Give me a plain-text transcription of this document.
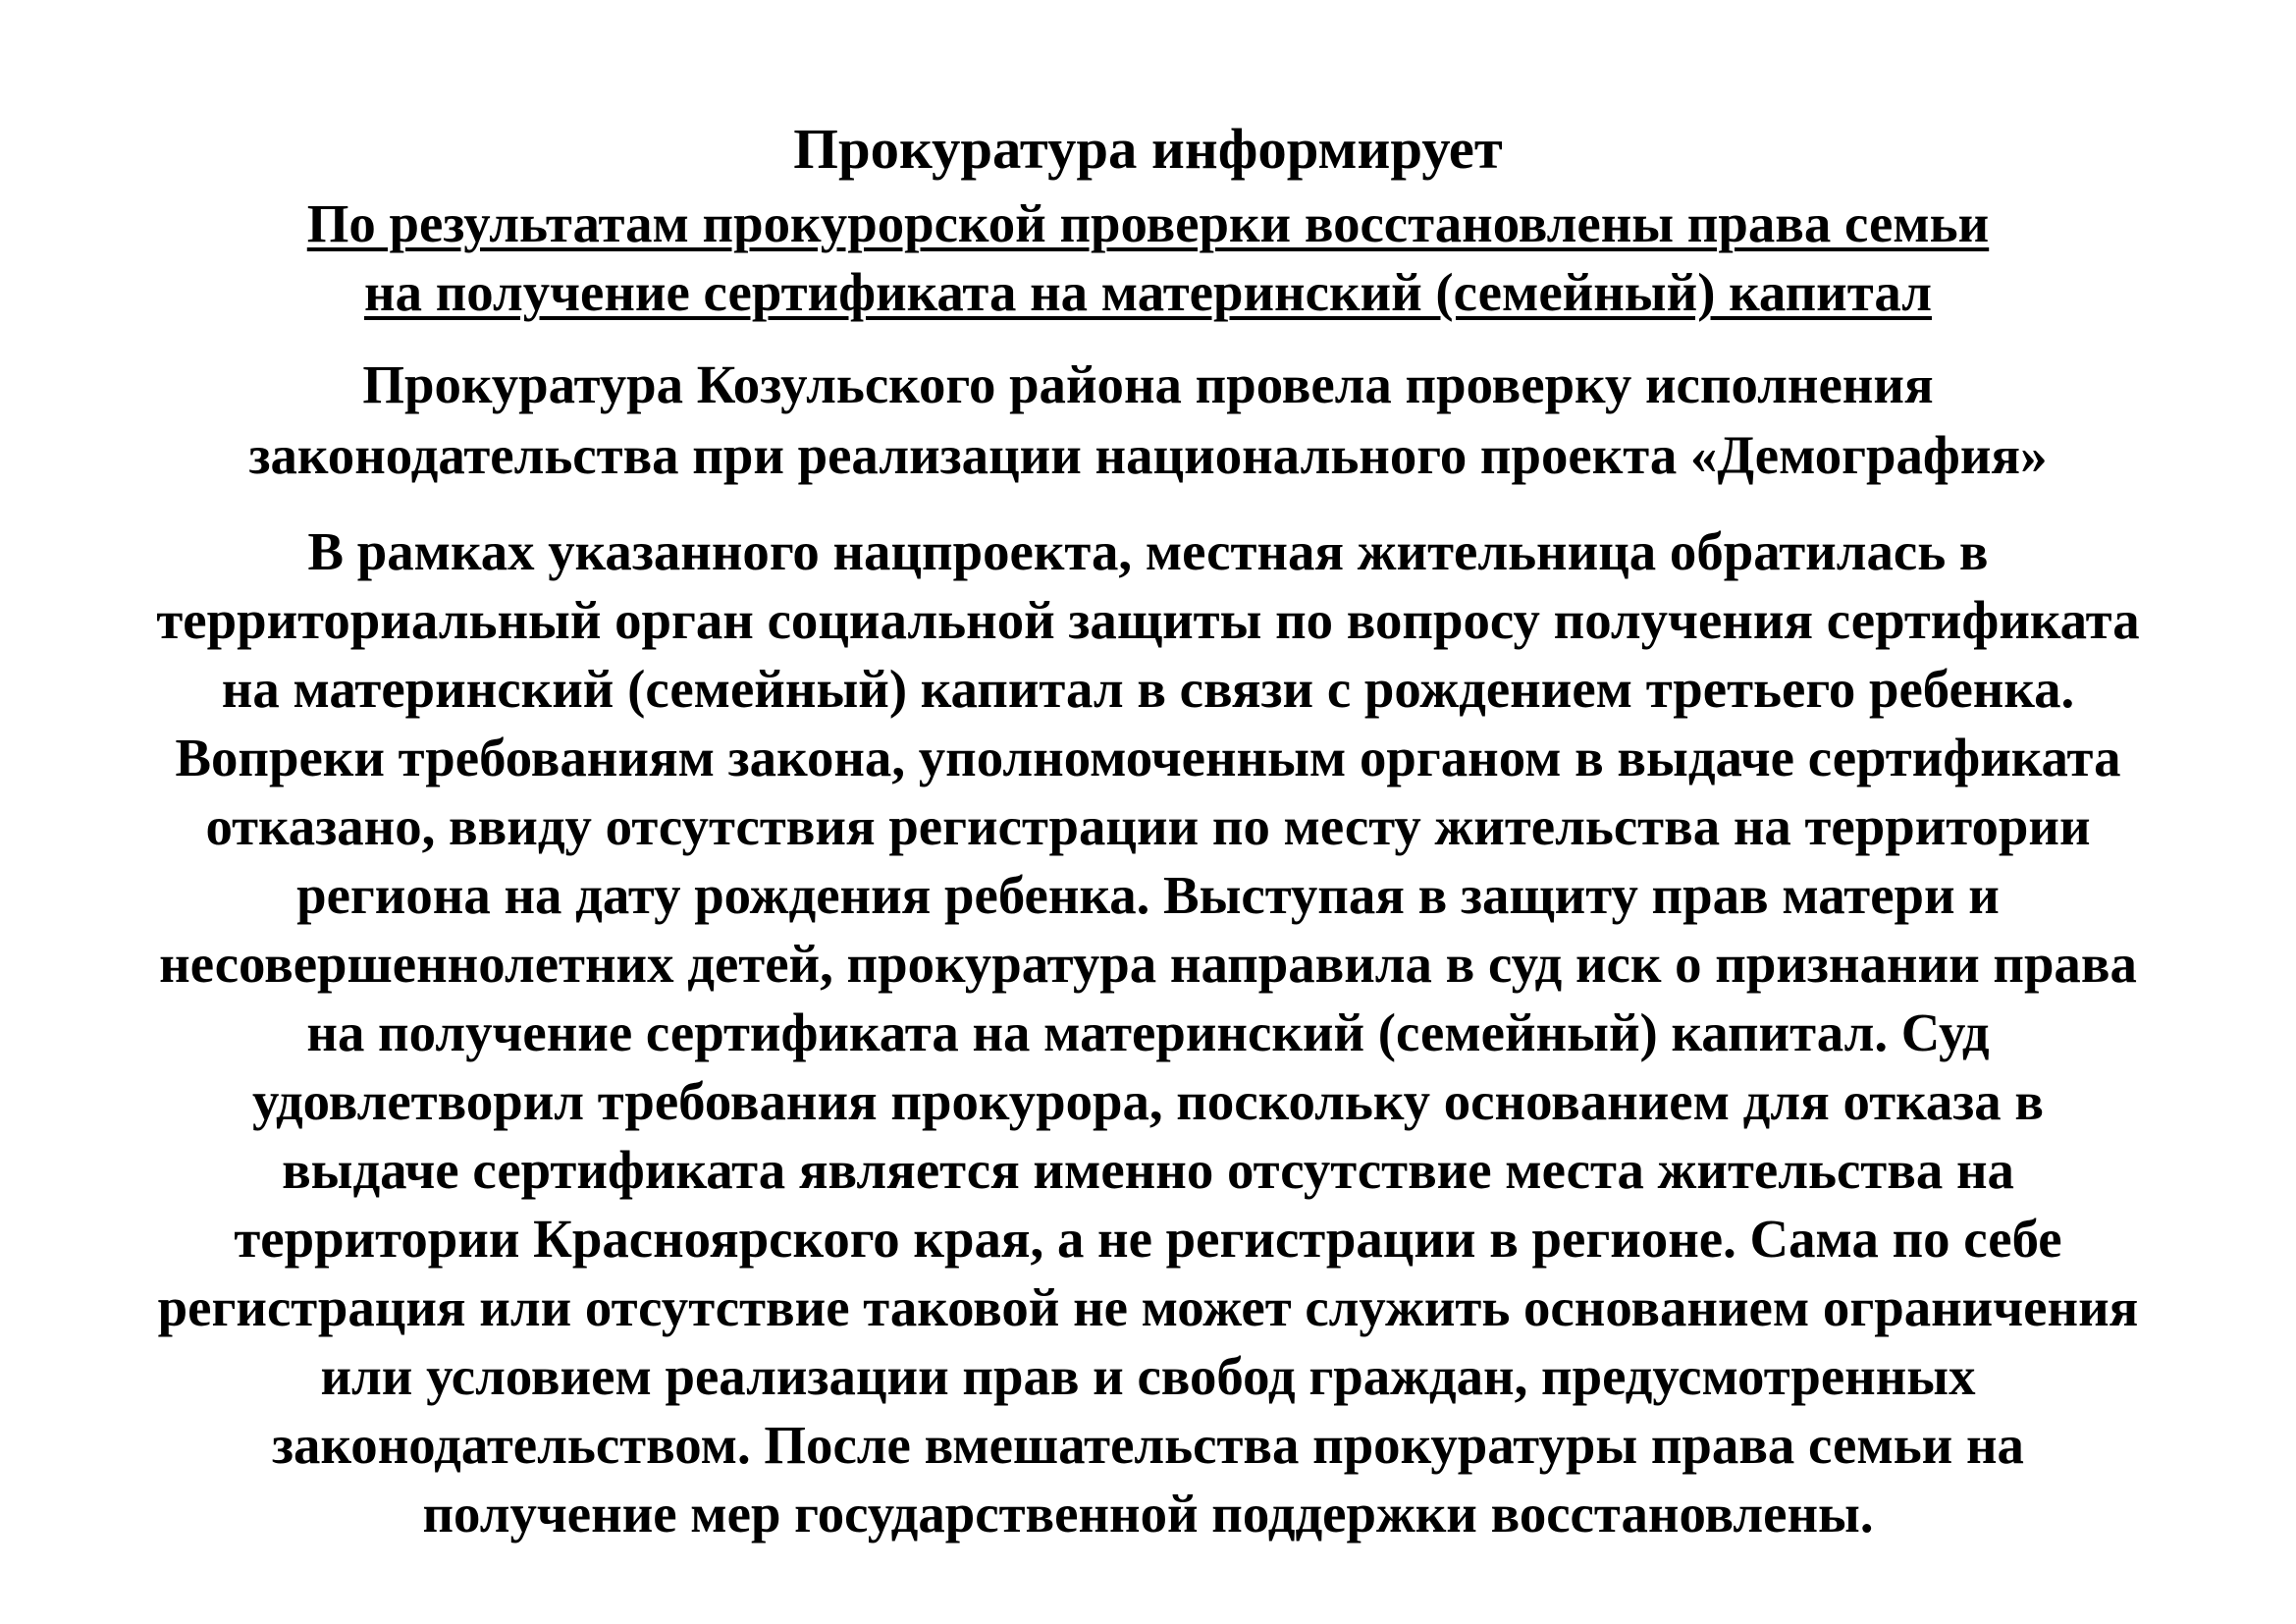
Прокуратура информирует
По результатам прокурорской проверки восстановлены права семьи
на получение сертификата на материнский (семейный) капитал
Прокуратура Козульского района провела проверку исполнения
законодательства при реализации национального проекта «Демография»
В рамках указанного нацпроекта, местная жительница обратилась в
территориальный орган социальной защиты по вопросу получения сертификата
на материнский (семейный) капитал в связи с рождением третьего ребенка.
Вопреки требованиям закона, уполномоченным органом в выдаче сертификата
отказано, ввиду отсутствия регистрации по месту жительства на территории
региона на дату рождения ребенка. Выступая в защиту прав матери и
несовершеннолетних детей, прокуратура направила в суд иск о признании права
на получение сертификата на материнский (семейный) капитал. Суд
удовлетворил требования прокурора, поскольку основанием для отказа в
выдаче сертификата является именно отсутствие места жительства на
территории Красноярского края, а не регистрации в регионе. Сама по себе
регистрация или отсутствие таковой не может служить основанием ограничения
или условием реализации прав и свобод граждан, предусмотренных
законодательством. После вмешательства прокуратуры права семьи на
получение мер государственной поддержки восстановлены.
